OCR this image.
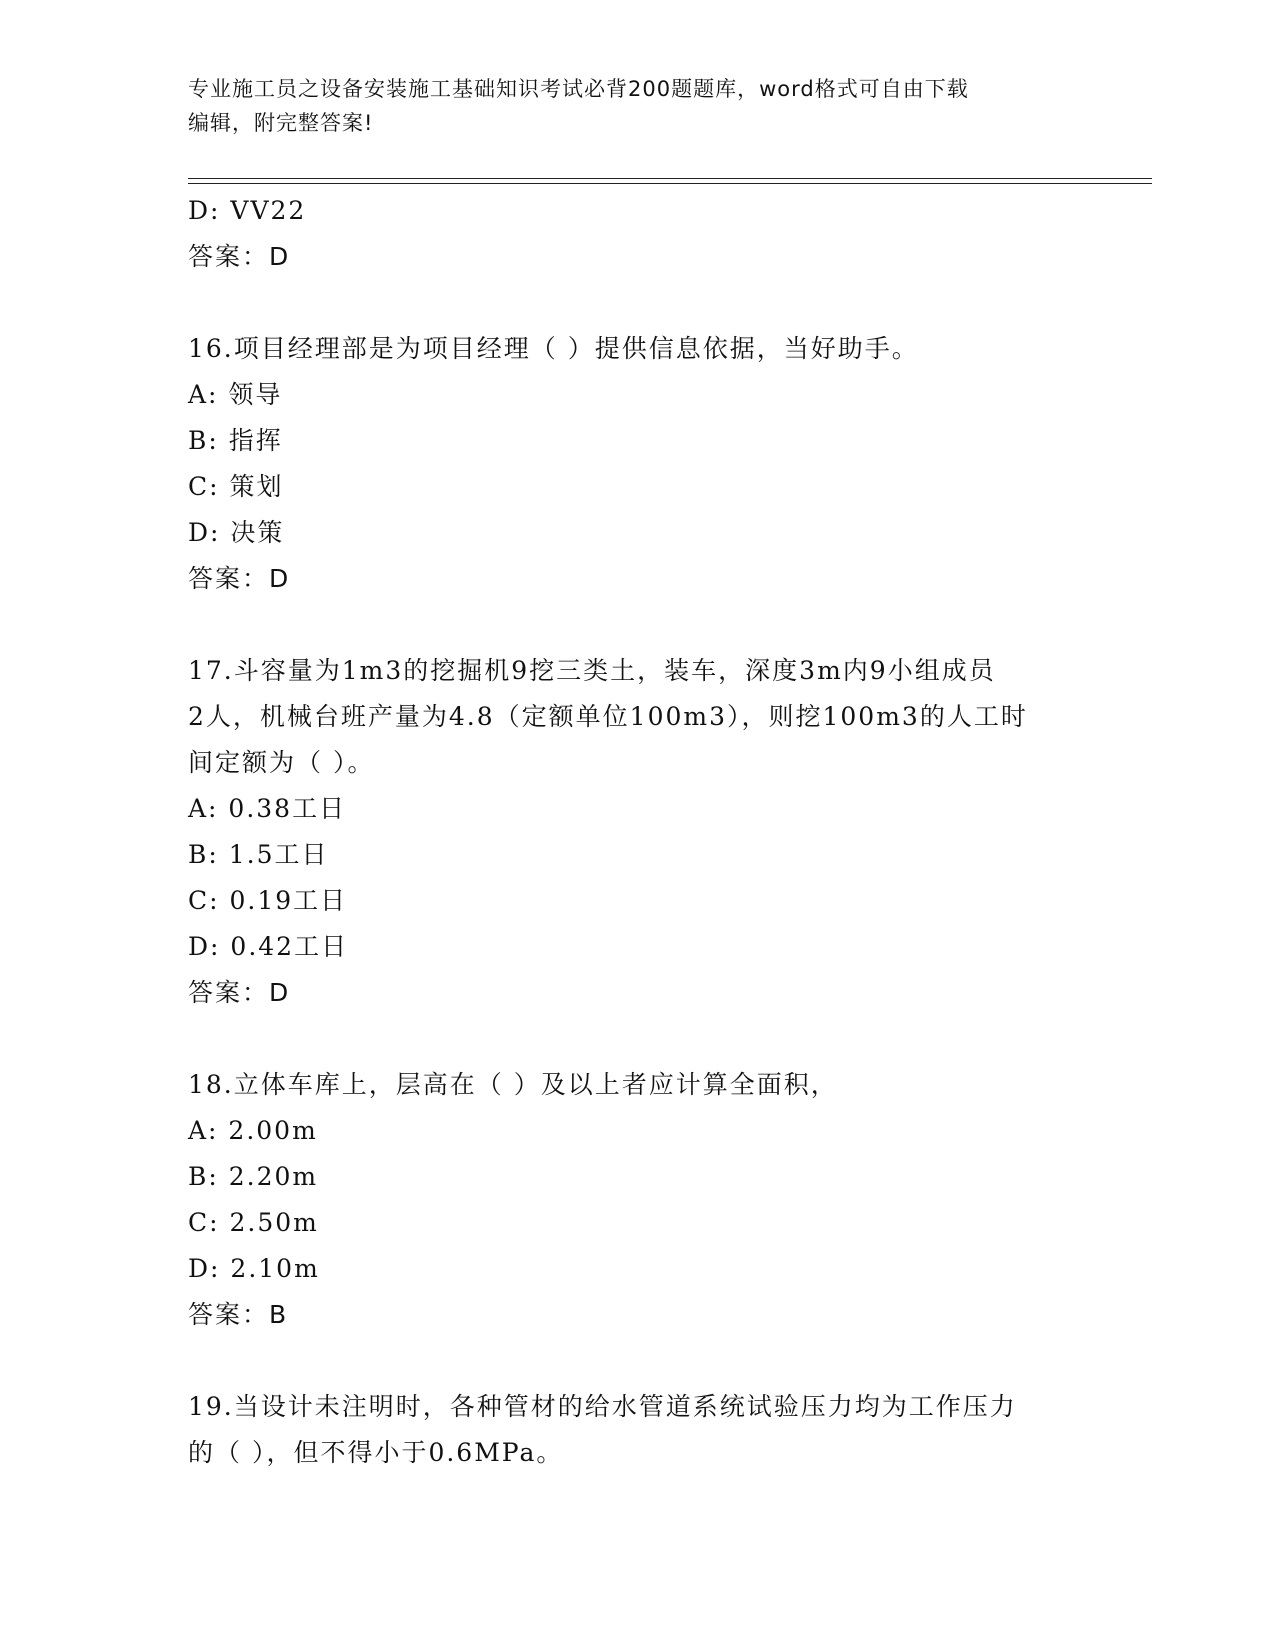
专业施工员之设备安装施工基础知识考试必背200题题库，word格式可自由下载
编辑，附完整答案!
D: VV22
答案：D
16.项目经理部是为项目经理（ ）提供信息依据，当好助手。
A: 领导
B: 指挥
C: 策划
D: 决策
答案：D
17.斗容量为1m3的挖掘机9挖三类土，装车，深度3m内9小组成员
2人，机械台班产量为4.8（定额单位100m3），则挖100m3的人工时
间定额为（ ）。
A: 0.38工日
B: 1.5工日
C: 0.19工日
D: 0.42工日
答案：D
18.立体车库上，层高在（ ）及以上者应计算全面积，
A: 2.00m
B: 2.20m
C: 2.50m
D: 2.10m
答案：B
19.当设计未注明时，各种管材的给水管道系统试验压力均为工作压力
的（ ），但不得小于0.6MPa。
